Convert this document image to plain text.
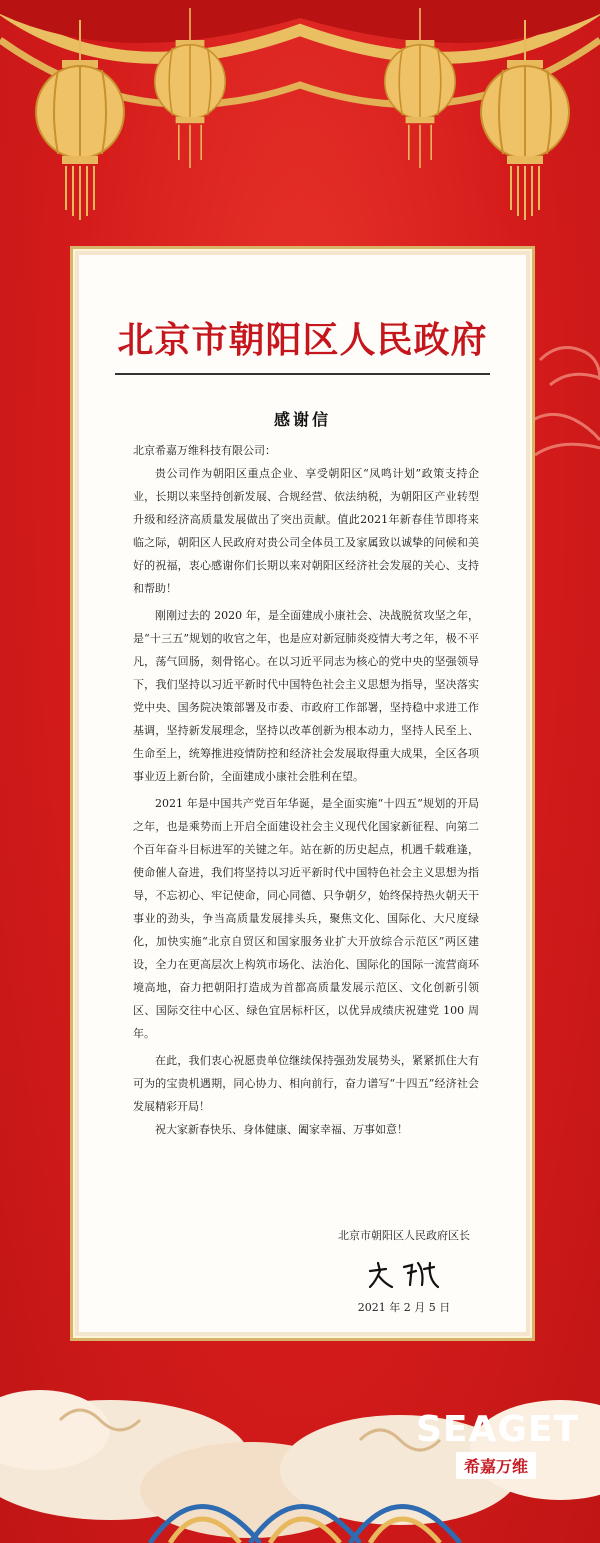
北京市朝阳区人民政府
感谢信

北京希嘉万维科技有限公司：

贵公司作为朝阳区重点企业、享受朝阳区“凤鸣计划”政策支持企业，长期以来坚持创新发展、合规经营、依法纳税，为朝阳区产业转型升级和经济高质量发展做出了突出贡献。值此2021年新春佳节即将来临之际，朝阳区人民政府对贵公司全体员工及家属致以诚挚的问候和美好的祝福，衷心感谢你们长期以来对朝阳区经济社会发展的关心、支持和帮助！

刚刚过去的 2020 年，是全面建成小康社会、决战脱贫攻坚之年，是“十三五”规划的收官之年，也是应对新冠肺炎疫情大考之年，极不平凡，荡气回肠，刻骨铭心。在以习近平同志为核心的党中央的坚强领导下，我们坚持以习近平新时代中国特色社会主义思想为指导，坚决落实党中央、国务院决策部署及市委、市政府工作部署，坚持稳中求进工作基调，坚持新发展理念，坚持以改革创新为根本动力，坚持人民至上、生命至上，统筹推进疫情防控和经济社会发展取得重大成果，全区各项事业迈上新台阶，全面建成小康社会胜利在望。

2021 年是中国共产党百年华诞，是全面实施“十四五”规划的开局之年，也是乘势而上开启全面建设社会主义现代化国家新征程、向第二个百年奋斗目标进军的关键之年。站在新的历史起点，机遇千载难逢，使命催人奋进，我们将坚持以习近平新时代中国特色社会主义思想为指导，不忘初心、牢记使命，同心同德、只争朝夕，始终保持热火朝天干事业的劲头，争当高质量发展排头兵，聚焦文化、国际化、大尺度绿化，加快实施“北京自贸区和国家服务业扩大开放综合示范区”两区建设，全力在更高层次上构筑市场化、法治化、国际化的国际一流营商环境高地，奋力把朝阳打造成为首都高质量发展示范区、文化创新引领区、国际交往中心区、绿色宜居标杆区，以优异成绩庆祝建党 100 周年。

在此，我们衷心祝愿贵单位继续保持强劲发展势头，紧紧抓住大有可为的宝贵机遇期，同心协力、相向前行，奋力谱写“十四五”经济社会发展精彩开局！

祝大家新春快乐、身体健康、阖家幸福、万事如意！

北京市朝阳区人民政府区长
2021 年 2 月 5 日
SEAGET
希嘉万维
